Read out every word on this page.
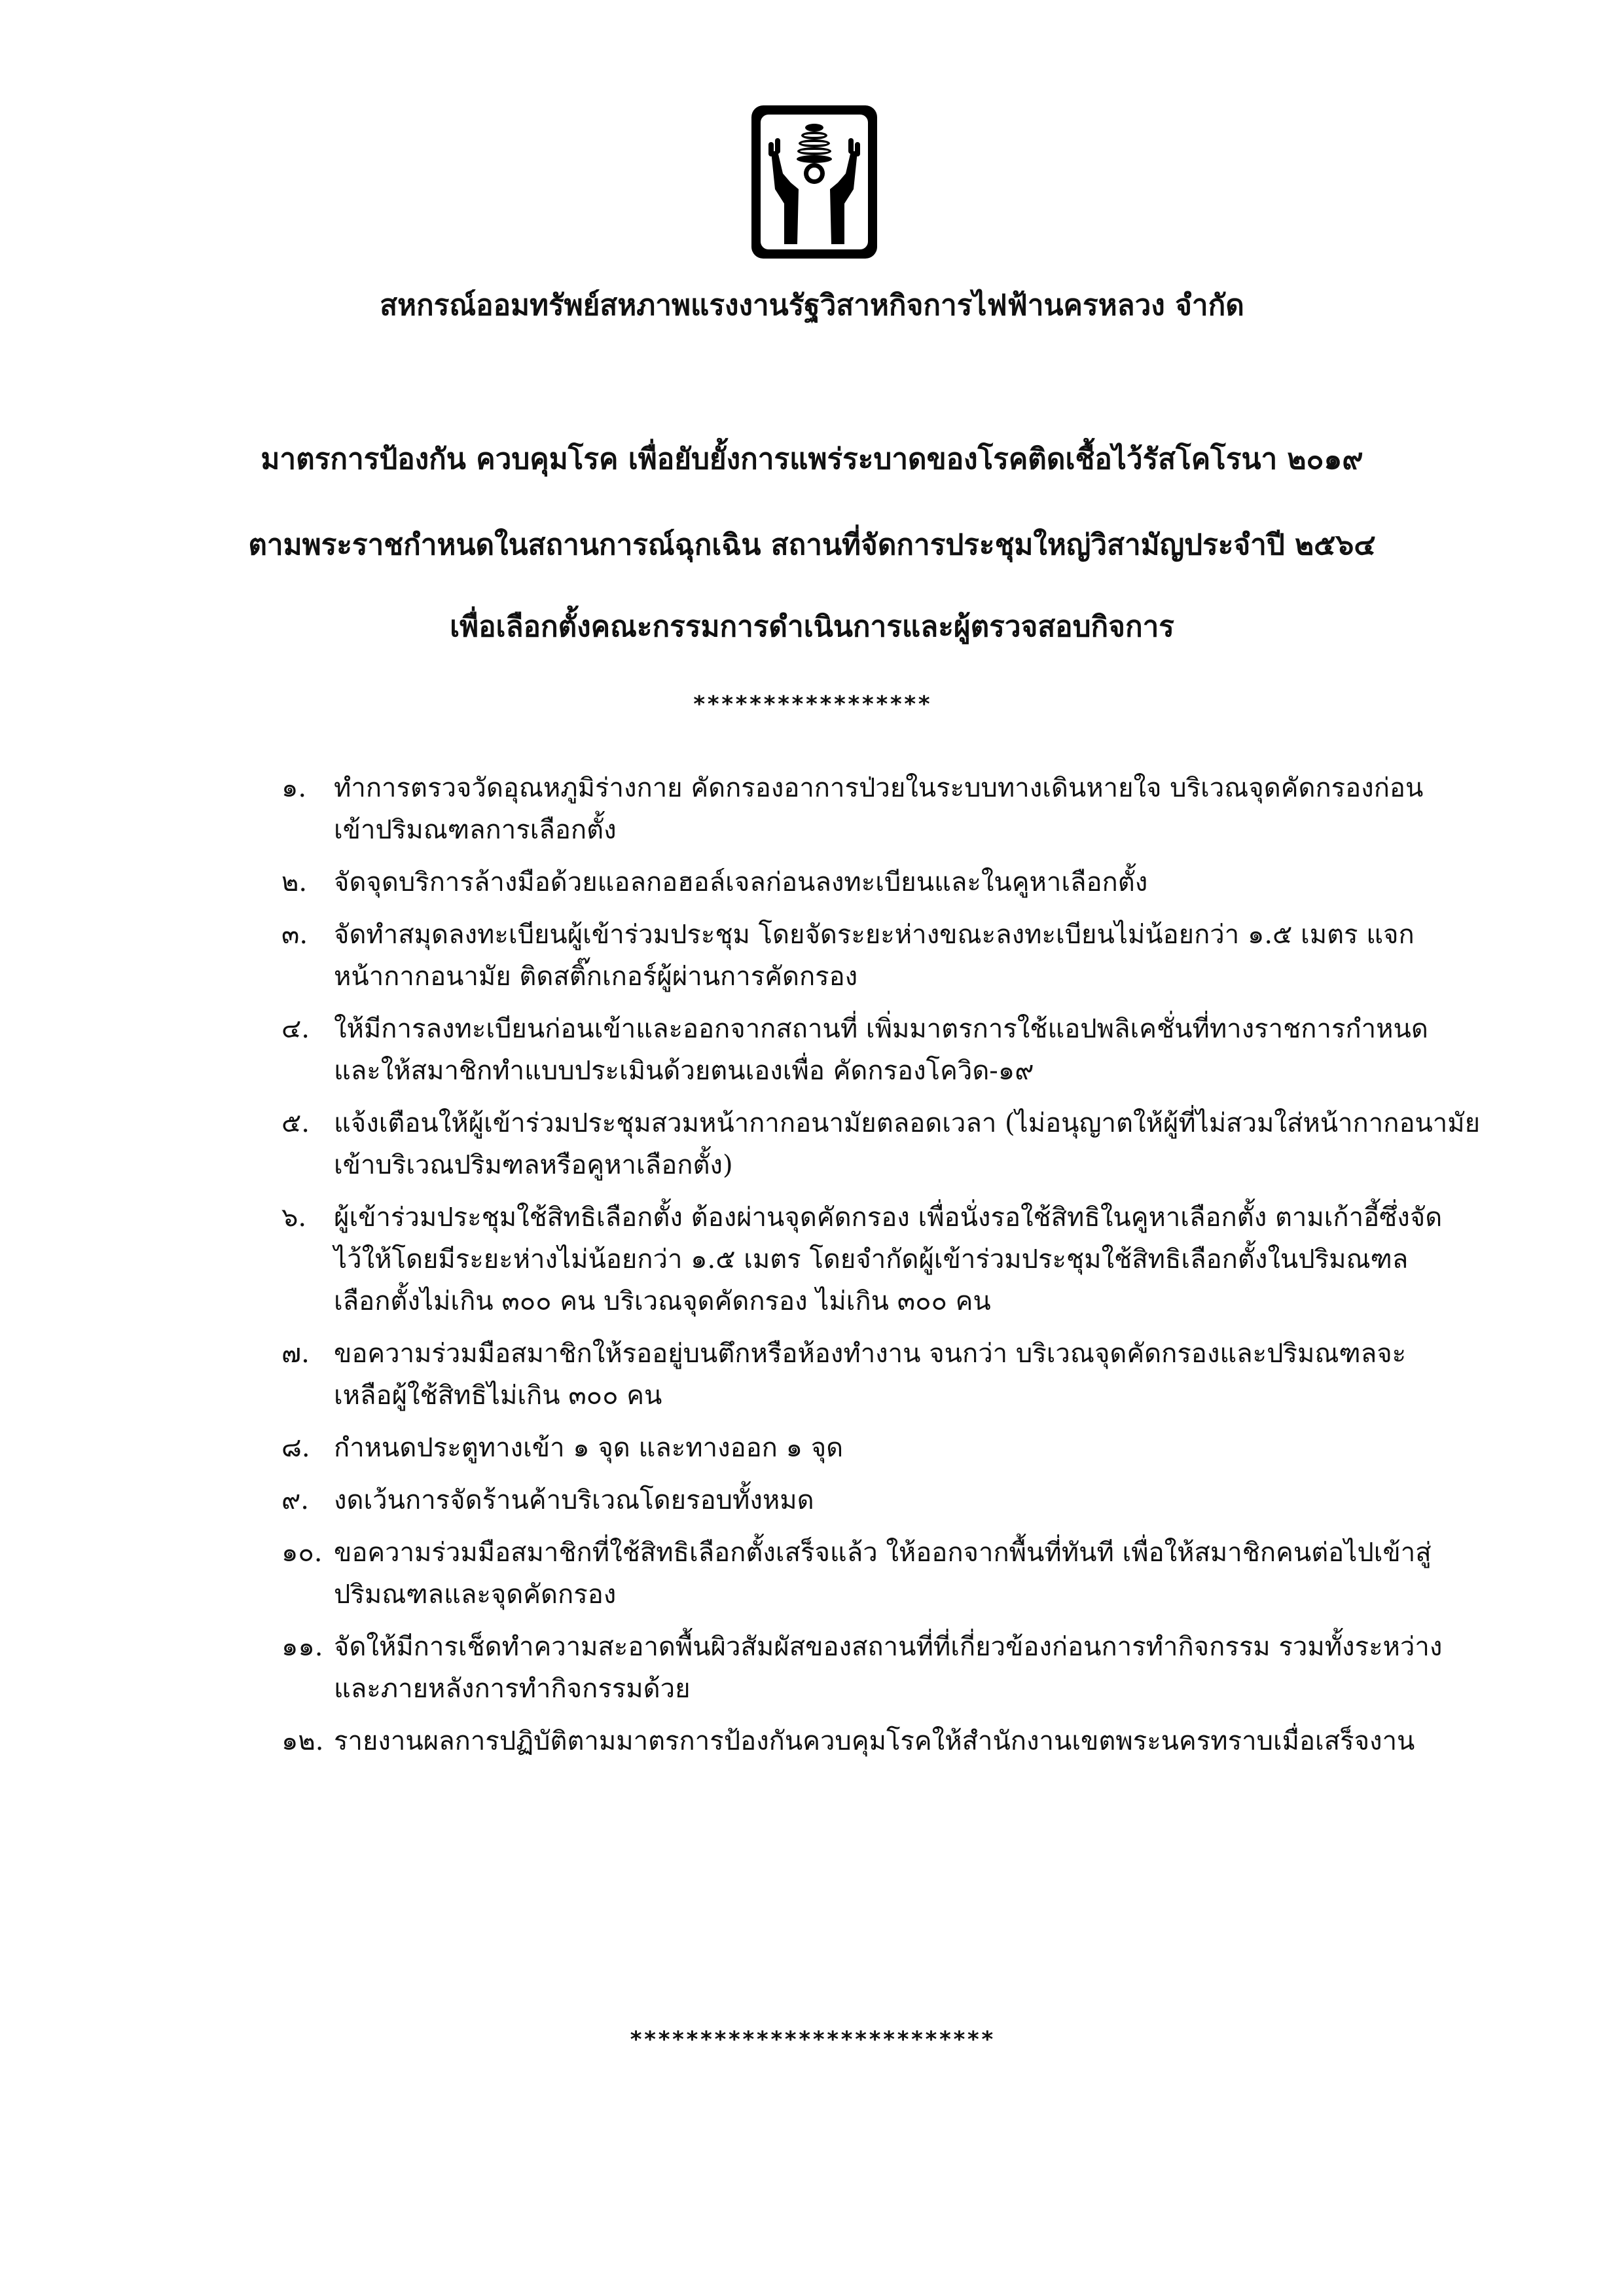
สหกรณ์ออมทรัพย์สหภาพแรงงานรัฐวิสาหกิจการไฟฟ้านครหลวง จำกัด
มาตรการป้องกัน ควบคุมโรค เพื่อยับยั้งการแพร่ระบาดของโรคติดเชื้อไว้รัสโคโรนา ๒๐๑๙
ตามพระราชกำหนดในสถานการณ์ฉุกเฉิน สถานที่จัดการประชุมใหญ่วิสามัญประจำปี ๒๕๖๔
เพื่อเลือกตั้งคณะกรรมการดำเนินการและผู้ตรวจสอบกิจการ
*****************
๑. ทำการตรวจวัดอุณหภูมิร่างกาย คัดกรองอาการป่วยในระบบทางเดินหายใจ บริเวณจุดคัดกรองก่อน
เข้าปริมณฑลการเลือกตั้ง
๒. จัดจุดบริการล้างมือด้วยแอลกอฮอล์เจลก่อนลงทะเบียนและในคูหาเลือกตั้ง
๓. จัดทำสมุดลงทะเบียนผู้เข้าร่วมประชุม โดยจัดระยะห่างขณะลงทะเบียนไม่น้อยกว่า ๑.๕ เมตร แจก
หน้ากากอนามัย ติดสติ๊กเกอร์ผู้ผ่านการคัดกรอง
๔. ให้มีการลงทะเบียนก่อนเข้าและออกจากสถานที่ เพิ่มมาตรการใช้แอปพลิเคชั่นที่ทางราชการกำหนด
และให้สมาชิกทำแบบประเมินด้วยตนเองเพื่อ คัดกรองโควิด-๑๙
๕. แจ้งเตือนให้ผู้เข้าร่วมประชุมสวมหน้ากากอนามัยตลอดเวลา (ไม่อนุญาตให้ผู้ที่ไม่สวมใส่หน้ากากอนามัย
เข้าบริเวณปริมฑลหรือคูหาเลือกตั้ง)
๖. ผู้เข้าร่วมประชุมใช้สิทธิเลือกตั้ง ต้องผ่านจุดคัดกรอง เพื่อนั่งรอใช้สิทธิในคูหาเลือกตั้ง ตามเก้าอี้ซึ่งจัด
ไว้ให้โดยมีระยะห่างไม่น้อยกว่า ๑.๕ เมตร โดยจำกัดผู้เข้าร่วมประชุมใช้สิทธิเลือกตั้งในปริมณฑล
เลือกตั้งไม่เกิน ๓๐๐ คน บริเวณจุดคัดกรอง ไม่เกิน ๓๐๐ คน
๗. ขอความร่วมมือสมาชิกให้รออยู่บนตึกหรือห้องทำงาน จนกว่า บริเวณจุดคัดกรองและปริมณฑลจะ
เหลือผู้ใช้สิทธิไม่เกิน ๓๐๐ คน
๘. กำหนดประตูทางเข้า ๑ จุด และทางออก ๑ จุด
๙. งดเว้นการจัดร้านค้าบริเวณโดยรอบทั้งหมด
๑๐. ขอความร่วมมือสมาชิกที่ใช้สิทธิเลือกตั้งเสร็จแล้ว ให้ออกจากพื้นที่ทันที เพื่อให้สมาชิกคนต่อไปเข้าสู่
ปริมณฑลและจุดคัดกรอง
๑๑. จัดให้มีการเช็ดทำความสะอาดพื้นผิวสัมผัสของสถานที่ที่เกี่ยวข้องก่อนการทำกิจกรรม รวมทั้งระหว่าง
และภายหลังการทำกิจกรรมด้วย
๑๒. รายงานผลการปฏิบัติตามมาตรการป้องกันควบคุมโรคให้สำนักงานเขตพระนครทราบเมื่อเสร็จงาน
**************************
